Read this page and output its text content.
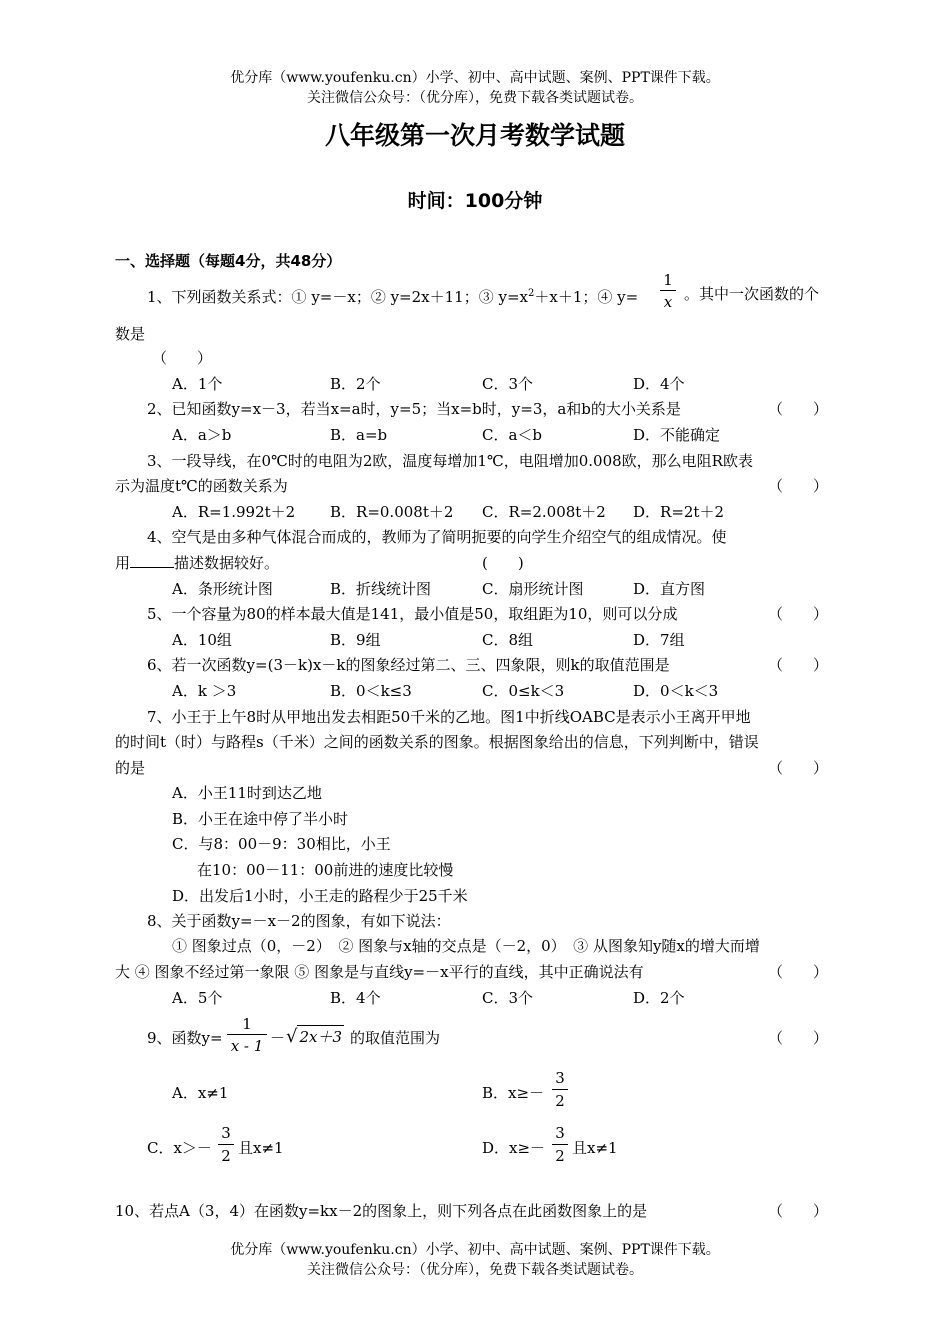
优分库（www.youfenku.cn）小学、初中、高中试题、案例、PPT课件下载。
关注微信公众号：（优分库），免费下载各类试题试卷。
八年级第一次月考数学试题
时间：100分钟
一、选择题（每题4分，共48分）
1、下列函数关系式：① y=－x；② y=2x＋11；③ $y=x^2+x+1$；④ $y= \frac{1}{x}$ 。其中一次函数的个
数是
（　　）
A．1个	B．2个	C．3个	D．4个
2、已知函数y=x－3，若当x=a时，y=5；当x=b时，y=3，a和b的大小关系是	（　　）
A．a＞b	B．a=b	C．a＜b	D．不能确定
3、一段导线，在0℃时的电阻为2欧，温度每增加1℃，电阻增加0.008欧，那么电阻R欧表
示为温度t℃的函数关系为	（　　）
A．R=1.992t＋2 B．R=0.008t＋2 C．R=2.008t＋2 D．R=2t＋2
4、空气是由多种气体混合而成的，教师为了简明扼要的向学生介绍空气的组成情况。使
用	描述数据较好。	(　　)
A．条形统计图	B．折线统计图	C．扇形统计图	D．直方图
5、一个容量为80的样本最大值是141，最小值是50，取组距为10，则可以分成	（　　）
A．10组	B．9组	C．8组	D．7组
6、若一次函数y=(3－k)x－k的图象经过第二、三、四象限，则k的取值范围是	（　　）
A．k ＞3	B．0＜k≤3	C．0≤k＜3	D．0＜k＜3
7、小王于上午8时从甲地出发去相距50千米的乙地。图1中折线OABC是表示小王离开甲地
的时间t（时）与路程s（千米）之间的函数关系的图象。根据图象给出的信息，下列判断中，错误
的是	（　　）
A．小王11时到达乙地
B．小王在途中停了半小时
C．与8：00－9：30相比，小王
在10：00－11：00前进的速度比较慢
D．出发后1小时，小王走的路程少于25千米
8、关于函数y=－x－2的图象，有如下说法：
① 图象过点（0，－2）　② 图象与x轴的交点是（－2，0）　③ 从图象知y随x的增大而增
大 ④ 图象不经过第一象限 ⑤ 图象是与直线y=－x平行的直线，其中正确说法有	（　　）
A．5个	B．4个	C．3个	D．2个
9、函数$y= \frac{1}{x - 1}$ － √ 2x＋3 的取值范围为	（　　）
A．x≠1	B．$x\ge- \frac{3}{2}$
C．$x>- \frac{3}{2}$ 且x≠1	D．$x\ge- \frac{3}{2}$ 且x≠1
10、若点A（3，4）在函数y=kx－2的图象上，则下列各点在此函数图象上的是	（　　）
优分库（www.youfenku.cn）小学、初中、高中试题、案例、PPT课件下载。
关注微信公众号：（优分库），免费下载各类试题试卷。
